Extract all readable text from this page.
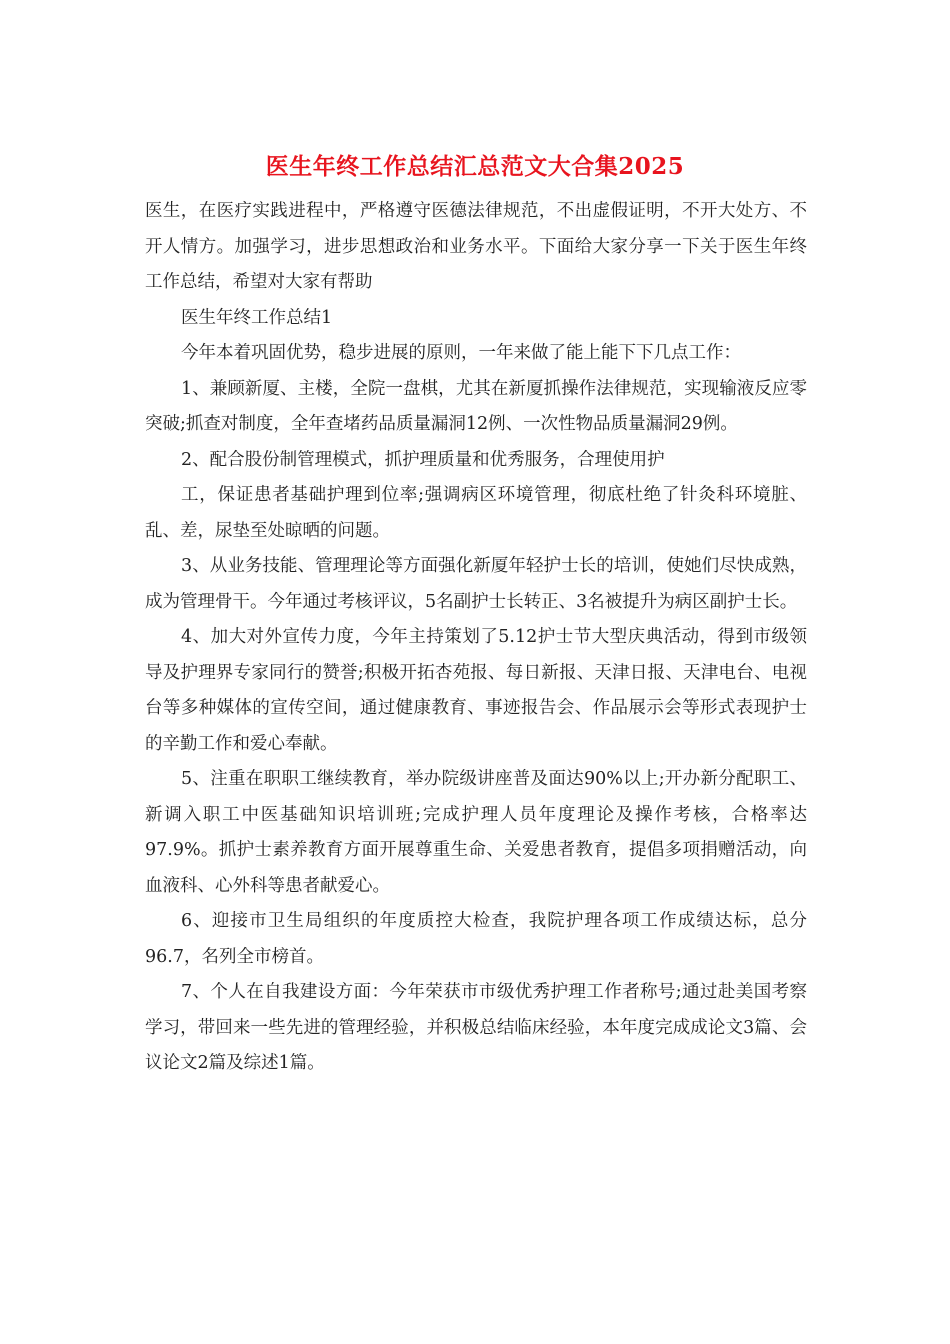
医生年终工作总结汇总范文大合集2025

医生，在医疗实践进程中，严格遵守医德法律规范，不出虚假证明，不开大处方、不开人情方。加强学习，进步思想政治和业务水平。下面给大家分享一下关于医生年终工作总结，希望对大家有帮助

医生年终工作总结1

今年本着巩固优势，稳步进展的原则，一年来做了能上能下下几点工作：

1、兼顾新厦、主楼，全院一盘棋，尤其在新厦抓操作法律规范，实现输液反应零突破;抓查对制度，全年查堵药品质量漏洞12例、一次性物品质量漏洞29例。

2、配合股份制管理模式，抓护理质量和优秀服务，合理使用护

工，保证患者基础护理到位率;强调病区环境管理，彻底杜绝了针灸科环境脏、乱、差，尿垫至处晾晒的问题。

3、从业务技能、管理理论等方面强化新厦年轻护士长的培训，使她们尽快成熟，成为管理骨干。今年通过考核评议，5名副护士长转正、3名被提升为病区副护士长。

4、加大对外宣传力度，今年主持策划了5.12护士节大型庆典活动，得到市级领导及护理界专家同行的赞誉;积极开拓杏苑报、每日新报、天津日报、天津电台、电视台等多种媒体的宣传空间，通过健康教育、事迹报告会、作品展示会等形式表现护士的辛勤工作和爱心奉献。

5、注重在职职工继续教育，举办院级讲座普及面达90%以上;开办新分配职工、新调入职工中医基础知识培训班;完成护理人员年度理论及操作考核，合格率达97.9%。抓护士素养教育方面开展尊重生命、关爱患者教育，提倡多项捐赠活动，向血液科、心外科等患者献爱心。

6、迎接市卫生局组织的年度质控大检查，我院护理各项工作成绩达标，总分96.7，名列全市榜首。

7、个人在自我建设方面：今年荣获市市级优秀护理工作者称号;通过赴美国考察学习，带回来一些先进的管理经验，并积极总结临床经验，本年度完成成论文3篇、会议论文2篇及综述1篇。
